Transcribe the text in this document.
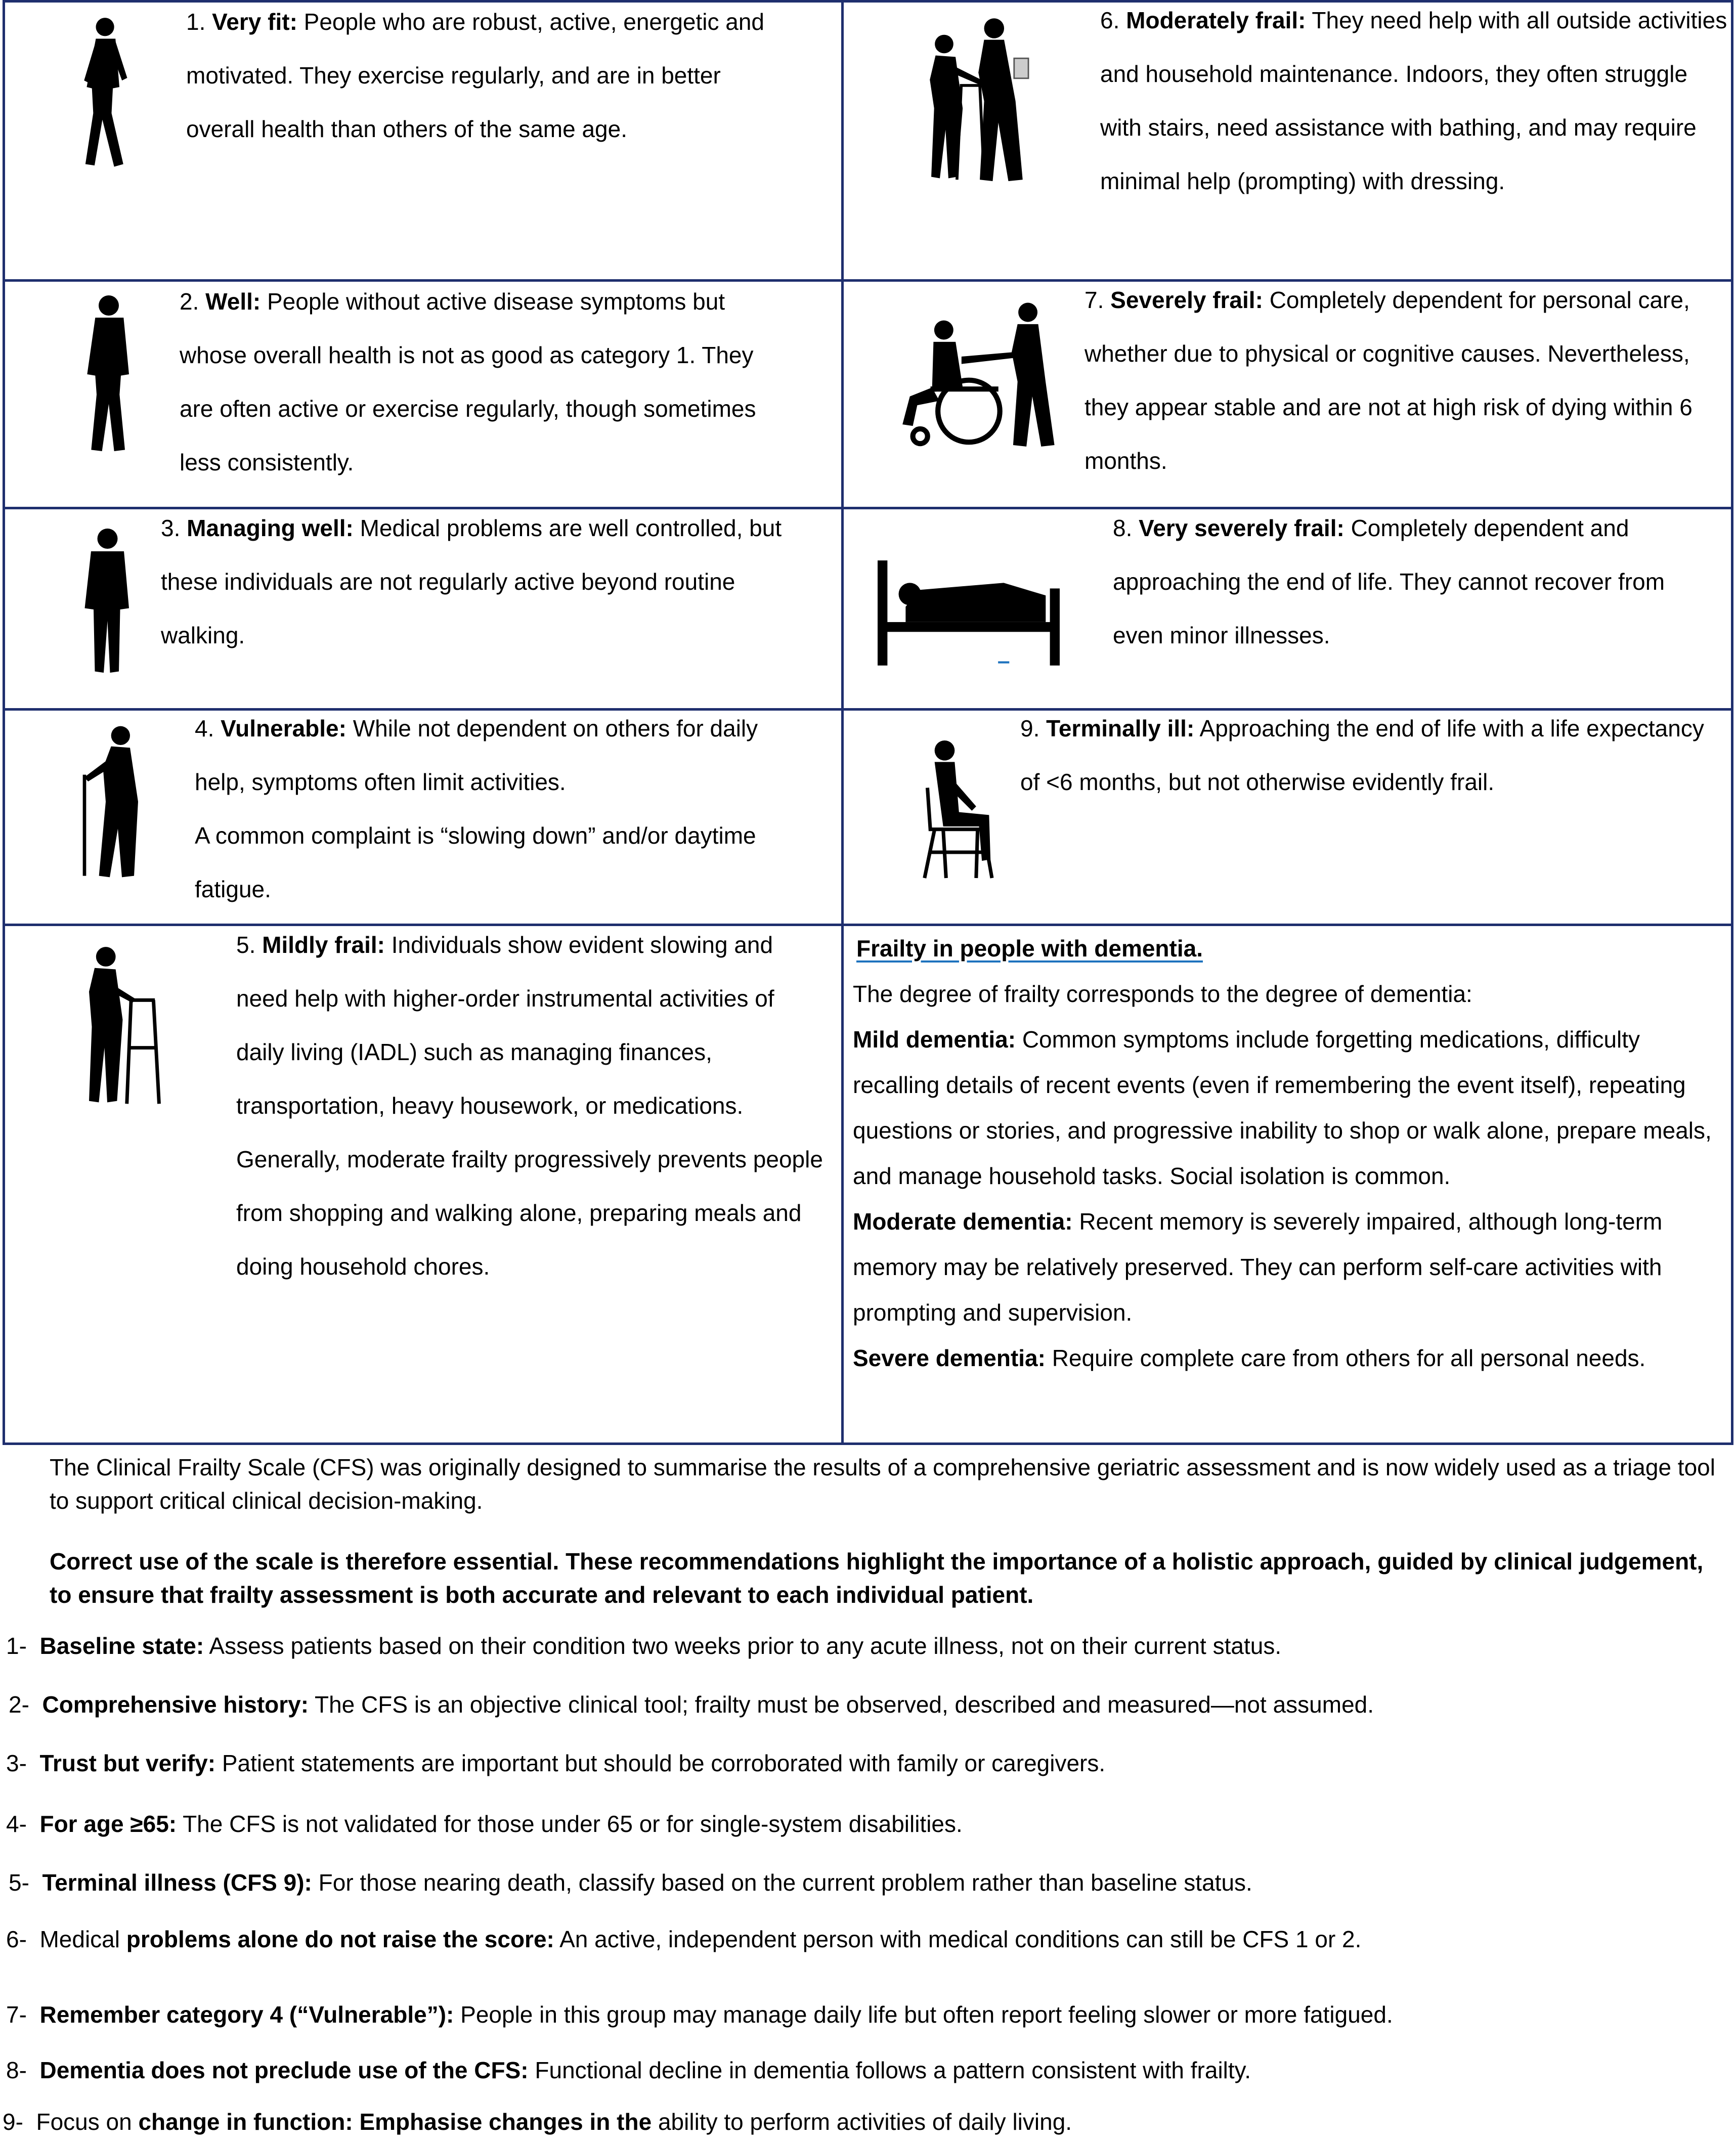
1. Very fit: People who are robust, active, energetic and motivated. They exercise regularly, and are in better overall health than others of the same age.
2. Well: People without active disease symptoms but whose overall health is not as good as category 1. They are often active or exercise regularly, though sometimes less consistently.
3. Managing well: Medical problems are well controlled, but these individuals are not regularly active beyond routine walking.
4. Vulnerable: While not dependent on others for daily help, symptoms often limit activities.
A common complaint is “slowing down” and/or daytime fatigue.
5. Mildly frail: Individuals show evident slowing and need help with higher-order instrumental activities of daily living (IADL) such as managing finances, transportation, heavy housework, or medications. Generally, moderate frailty progressively prevents people from shopping and walking alone, preparing meals and doing household chores.
6. Moderately frail: They need help with all outside activities and household maintenance. Indoors, they often struggle with stairs, need assistance with bathing, and may require minimal help (prompting) with dressing.
7. Severely frail: Completely dependent for personal care, whether due to physical or cognitive causes. Nevertheless, they appear stable and are not at high risk of dying within 6 months.
8. Very severely frail: Completely dependent and approaching the end of life. They cannot recover from even minor illnesses.
9. Terminally ill: Approaching the end of life with a life expectancy of <6 months, but not otherwise evidently frail.

Frailty in people with dementia.

The degree of frailty corresponds to the degree of dementia:

Mild dementia: Common symptoms include forgetting medications, difficulty recalling details of recent events (even if remembering the event itself), repeating questions or stories, and progressive inability to shop or walk alone, prepare meals, and manage household tasks. Social isolation is common.

Moderate dementia: Recent memory is severely impaired, although long-term memory may be relatively preserved. They can perform self-care activities with prompting and supervision.

Severe dementia: Require complete care from others for all personal needs.

The Clinical Frailty Scale (CFS) was originally designed to summarise the results of a comprehensive geriatric assessment and is now widely used as a triage tool to support critical clinical decision-making.
Correct use of the scale is therefore essential. These recommendations highlight the importance of a holistic approach, guided by clinical judgement, to ensure that frailty assessment is both accurate and relevant to each individual patient.
1- Baseline state: Assess patients based on their condition two weeks prior to any acute illness, not on their current status.
2- Comprehensive history: The CFS is an objective clinical tool; frailty must be observed, described and measured—not assumed.
3- Trust but verify: Patient statements are important but should be corroborated with family or caregivers.
4- For age ≥65: The CFS is not validated for those under 65 or for single-system disabilities.
5- Terminal illness (CFS 9): For those nearing death, classify based on the current problem rather than baseline status.
6- Medical problems alone do not raise the score: An active, independent person with medical conditions can still be CFS 1 or 2.
7- Remember category 4 (“Vulnerable”): People in this group may manage daily life but often report feeling slower or more fatigued.
8- Dementia does not preclude use of the CFS: Functional decline in dementia follows a pattern consistent with frailty.
9- Focus on change in function: Emphasise changes in the ability to perform activities of daily living.
